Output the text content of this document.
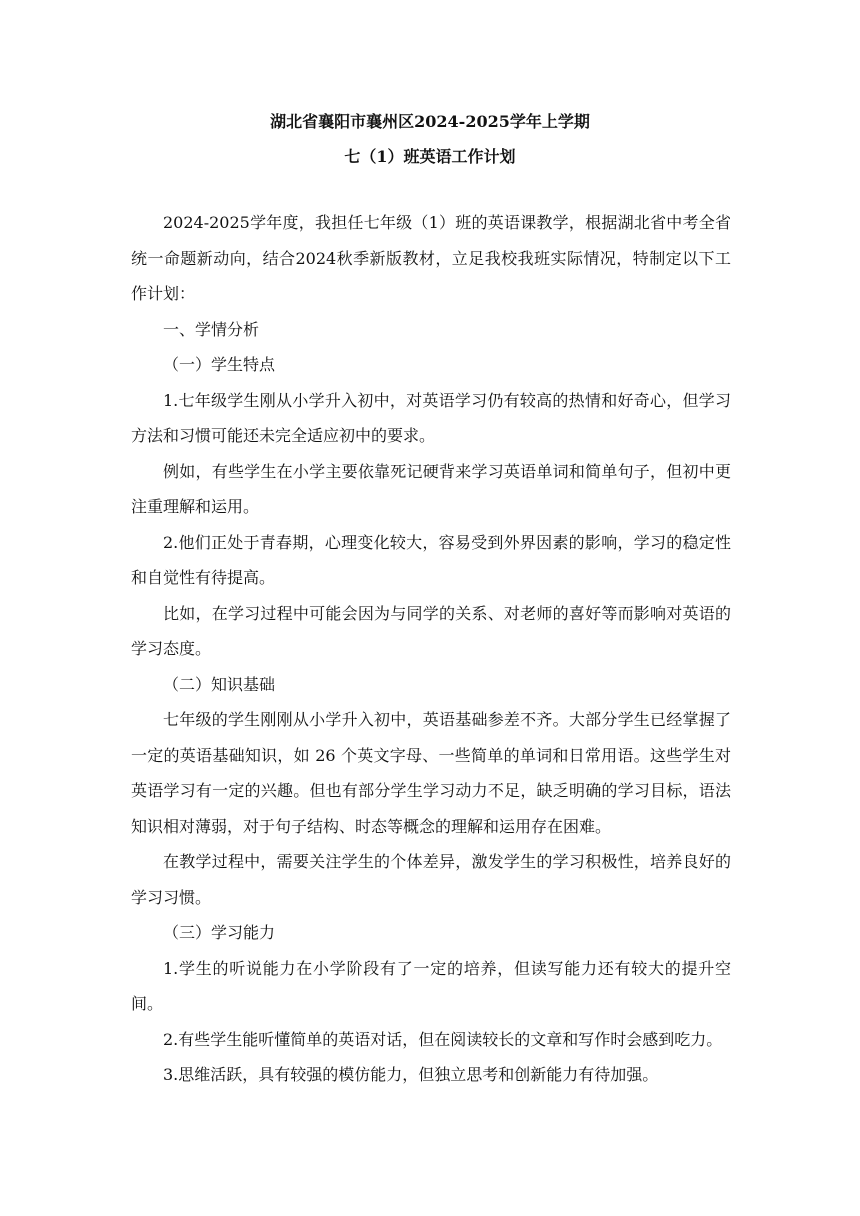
湖北省襄阳市襄州区2024-2025学年上学期
七（1）班英语工作计划

2024-2025学年度，我担任七年级（1）班的英语课教学，根据湖北省中考全省统一命题新动向，结合2024秋季新版教材，立足我校我班实际情况，特制定以下工作计划：

一、学情分析

（一）学生特点

1.七年级学生刚从小学升入初中，对英语学习仍有较高的热情和好奇心，但学习方法和习惯可能还未完全适应初中的要求。

例如，有些学生在小学主要依靠死记硬背来学习英语单词和简单句子，但初中更注重理解和运用。

2.他们正处于青春期，心理变化较大，容易受到外界因素的影响，学习的稳定性和自觉性有待提高。

比如，在学习过程中可能会因为与同学的关系、对老师的喜好等而影响对英语的学习态度。

（二）知识基础

七年级的学生刚刚从小学升入初中，英语基础参差不齐。大部分学生已经掌握了一定的英语基础知识，如 26 个英文字母、一些简单的单词和日常用语。这些学生对英语学习有一定的兴趣。但也有部分学生学习动力不足，缺乏明确的学习目标，语法知识相对薄弱，对于句子结构、时态等概念的理解和运用存在困难。

在教学过程中，需要关注学生的个体差异，激发学生的学习积极性，培养良好的学习习惯。

（三）学习能力

1.学生的听说能力在小学阶段有了一定的培养，但读写能力还有较大的提升空间。

2.有些学生能听懂简单的英语对话，但在阅读较长的文章和写作时会感到吃力。

3.思维活跃，具有较强的模仿能力，但独立思考和创新能力有待加强。
